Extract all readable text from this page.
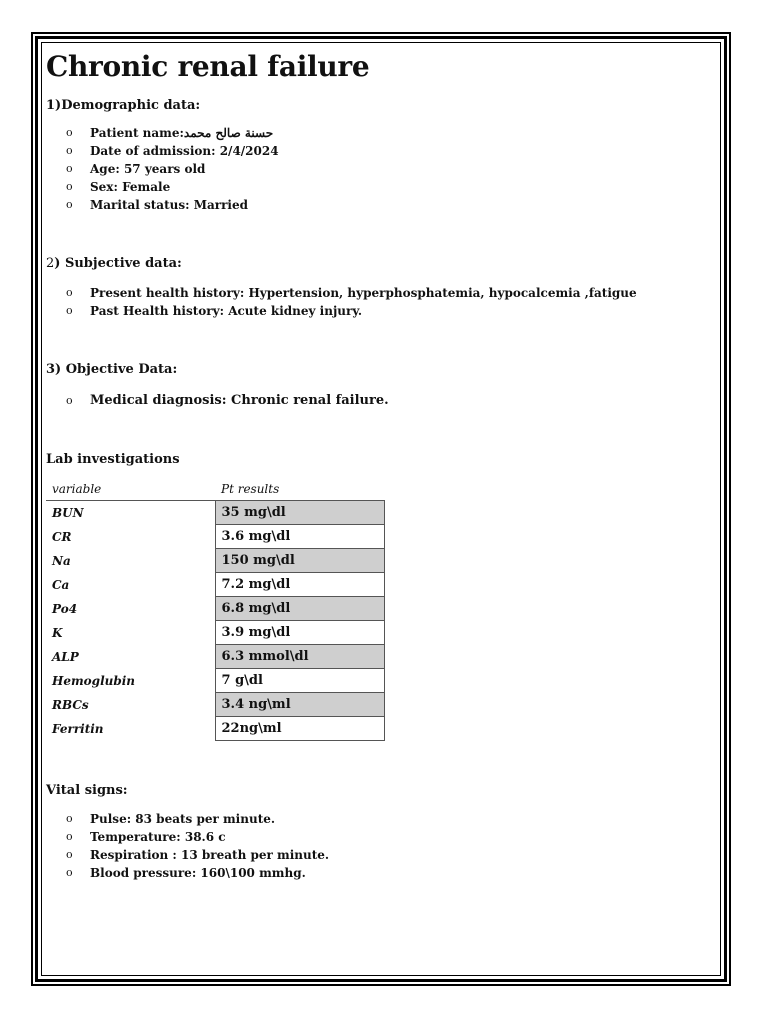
Chronic renal failure
1)Demographic data:
o Patient name:حسنة صالح محمد
o Date of admission: 2/4/2024
o Age: 57 years old
o Sex: Female
o Marital status: Married
2) Subjective data:
o Present health history: Hypertension, hyperphosphatemia, hypocalcemia ,fatigue
o Past Health history: Acute kidney injury.
3) Objective Data:
o Medical diagnosis: Chronic renal failure.
Lab investigations
variable	Pt results
BUN	35 mg\dl
CR	3.6 mg\dl
Na	150 mg\dl
Ca	7.2 mg\dl
Po4	6.8 mg\dl
K	3.9 mg\dl
ALP	6.3 mmol\dl
Hemoglubin	7 g\dl
RBCs	3.4 ng\ml
Ferritin	22ng\ml
Vital signs:
o Pulse: 83 beats per minute.
o Temperature: 38.6 c
o Respiration : 13 breath per minute.
o Blood pressure: 160\100 mmhg.
